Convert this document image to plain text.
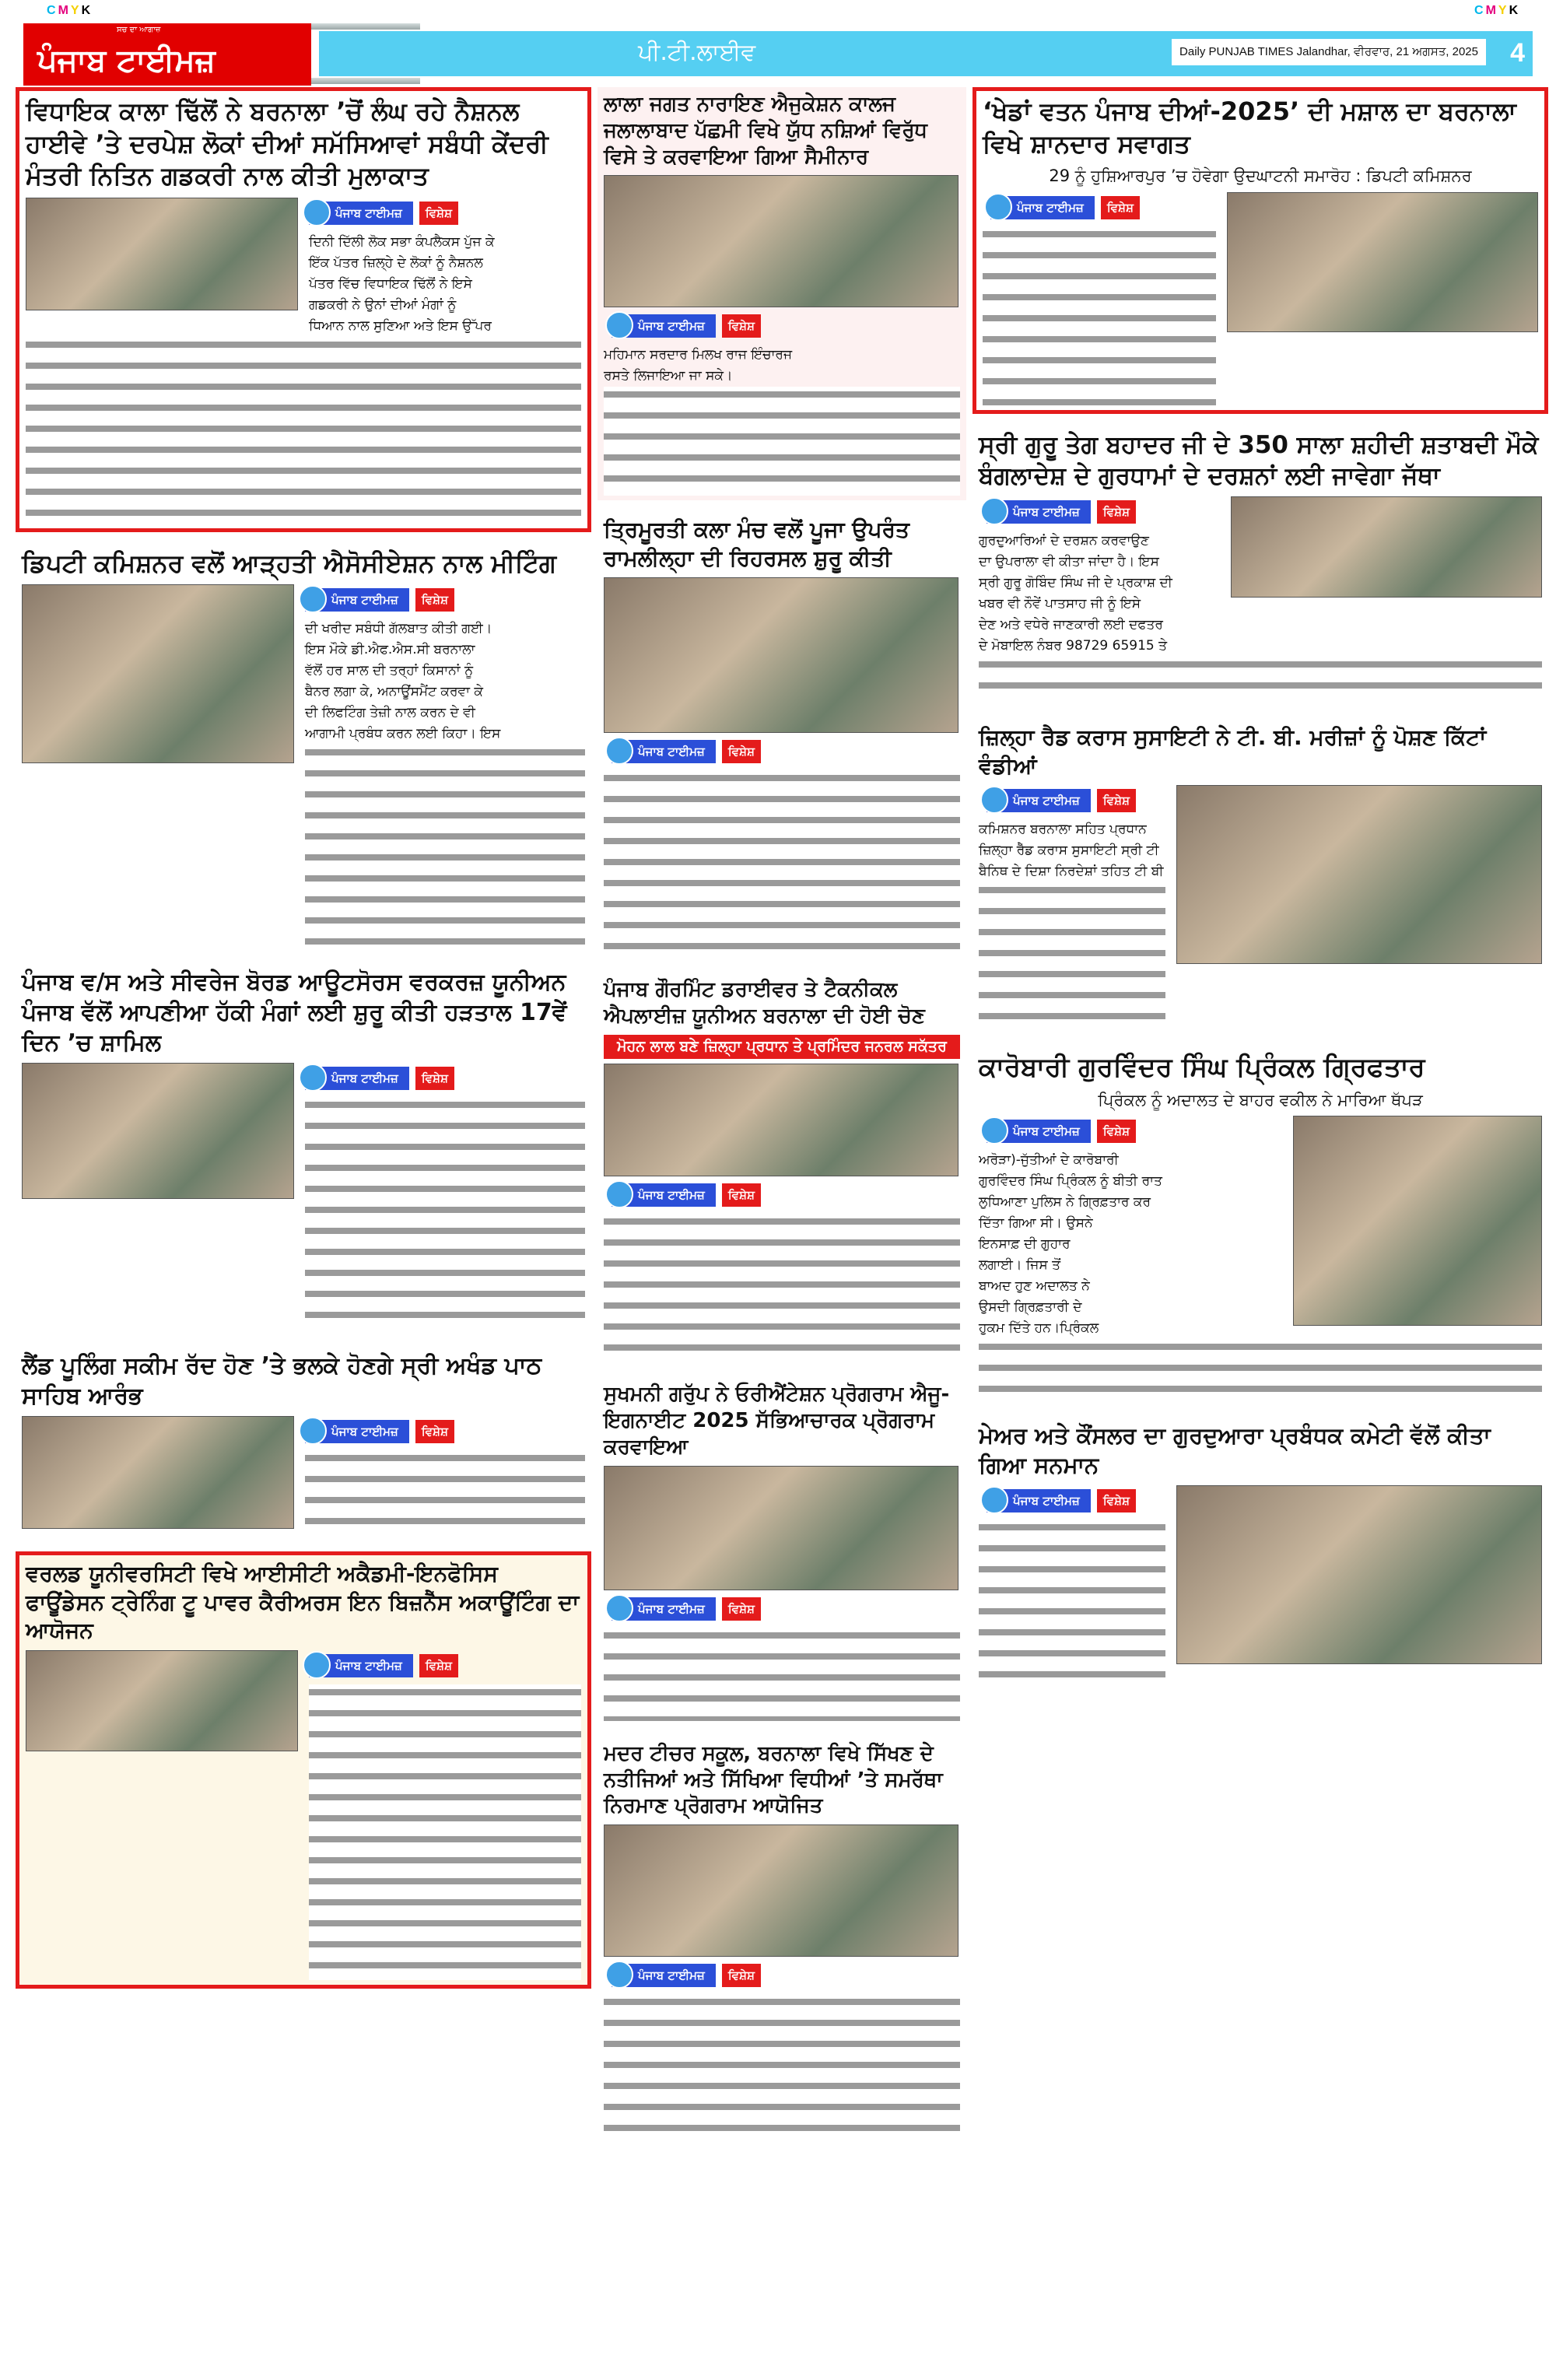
ਸਚ ਦਾ ਆਗਾਜ਼
ਪੰਜਾਬ ਟਾਈਮਜ਼	ਪੀ.ਟੀ.ਲਾਈਵ	Daily PUNJAB TIMES Jalandhar, ਵੀਰਵਾਰ, 21 ਅਗਸਤ, 2025 4
CMYK	CMYK
ਵਿਧਾਇਕ ਕਾਲਾ ਢਿੱਲੋਂ ਨੇ ਬਰਨਾਲਾ ’ਚੋਂ ਲੰਘ ਰਹੇ ਨੈਸ਼ਨਲ ਹਾਈਵੇ ’ਤੇ ਦਰਪੇਸ਼ ਲੋਕਾਂ ਦੀਆਂ ਸਮੱਸਿਆਵਾਂ ਸਬੰਧੀ ਕੇਂਦਰੀ ਮੰਤਰੀ ਨਿਤਿਨ ਗਡਕਰੀ ਨਾਲ ਕੀਤੀ ਮੁਲਾਕਾਤ
ਪੰਜਾਬ ਟਾਈਮਜ਼	ਵਿਸ਼ੇਸ਼
ਦਿਨੀ ਦਿੱਲੀ ਲੋਕ ਸਭਾ ਕੰਪਲੈਕਸ ਪੁੱਜ ਕੇ
ਇੱਕ ਪੱਤਰ ਜ਼ਿਲ੍ਹੇ ਦੇ ਲੋਕਾਂ ਨੂੰ ਨੈਸ਼ਨਲ
ਪੱਤਰ ਵਿੱਚ ਵਿਧਾਇਕ ਢਿੱਲੋਂ ਨੇ ਇਸੇ
ਗਡਕਰੀ ਨੇ ਉਨਾਂ ਦੀਆਂ ਮੰਗਾਂ ਨੂੰ
ਧਿਆਨ ਨਾਲ ਸੁਣਿਆ ਅਤੇ ਇਸ ਉੱਪਰ
ਡਿਪਟੀ ਕਮਿਸ਼ਨਰ ਵਲੋਂ ਆੜ੍ਹਤੀ ਐਸੋਸੀਏਸ਼ਨ ਨਾਲ ਮੀਟਿੰਗ
ਪੰਜਾਬ ਟਾਈਮਜ਼	ਵਿਸ਼ੇਸ਼
ਦੀ ਖਰੀਦ ਸਬੰਧੀ ਗੱਲਬਾਤ ਕੀਤੀ ਗਈ।
ਇਸ ਮੌਕੇ ਡੀ.ਐਫ.ਐਸ.ਸੀ ਬਰਨਾਲਾ
ਵੱਲੋਂ ਹਰ ਸਾਲ ਦੀ ਤਰ੍ਹਾਂ ਕਿਸਾਨਾਂ ਨੂੰ
ਬੈਨਰ ਲਗਾ ਕੇ, ਅਨਾਊਂਸਮੈਂਟ ਕਰਵਾ ਕੇ
ਦੀ ਲਿਫਟਿੰਗ ਤੇਜ਼ੀ ਨਾਲ ਕਰਨ ਦੇ ਵੀ
ਆਗਾਮੀ ਪ੍ਰਬੰਧ ਕਰਨ ਲਈ ਕਿਹਾ। ਇਸ
ਪੰਜਾਬ ਵ/ਸ ਅਤੇ ਸੀਵਰੇਜ ਬੋਰਡ ਆਊਟਸੋਰਸ ਵਰਕਰਜ਼ ਯੂਨੀਅਨ ਪੰਜਾਬ ਵੱਲੋਂ ਆਪਣੀਆ ਹੱਕੀ ਮੰਗਾਂ ਲਈ ਸ਼ੁਰੂ ਕੀਤੀ ਹੜਤਾਲ 17ਵੇਂ ਦਿਨ ’ਚ ਸ਼ਾਮਿਲ
ਪੰਜਾਬ ਟਾਈਮਜ਼	ਵਿਸ਼ੇਸ਼
ਲੈਂਡ ਪੂਲਿੰਗ ਸਕੀਮ ਰੱਦ ਹੋਣ ’ਤੇ ਭਲਕੇ ਹੋਣਗੇ ਸ੍ਰੀ ਅਖੰਡ ਪਾਠ ਸਾਹਿਬ ਆਰੰਭ
ਪੰਜਾਬ ਟਾਈਮਜ਼	ਵਿਸ਼ੇਸ਼
ਵਰਲਡ ਯੂਨੀਵਰਸਿਟੀ ਵਿਖੇ ਆਈਸੀਟੀ ਅਕੈਡਮੀ-ਇਨਫੋਸਿਸ ਫਾਊਂਡੇਸਨ ਟ੍ਰੇਨਿੰਗ ਟੂ ਪਾਵਰ ਕੈਰੀਅਰਸ ਇਨ ਬਿਜ਼ਨੈੱਸ ਅਕਾਊਂਟਿੰਗ ਦਾ ਆਯੋਜਨ
ਪੰਜਾਬ ਟਾਈਮਜ਼	ਵਿਸ਼ੇਸ਼
ਲਾਲਾ ਜਗਤ ਨਾਰਾਇਣ ਐਜੁਕੇਸ਼ਨ ਕਾਲਜ ਜਲਾਲਾਬਾਦ ਪੱਛਮੀ ਵਿਖੇ ਯੁੱਧ ਨਸ਼ਿਆਂ ਵਿਰੁੱਧ ਵਿਸੇ ਤੇ ਕਰਵਾਇਆ ਗਿਆ ਸੈਮੀਨਾਰ
ਪੰਜਾਬ ਟਾਈਮਜ਼	ਵਿਸ਼ੇਸ਼
ਮਹਿਮਾਨ ਸਰਦਾਰ ਮਿਲਖ ਰਾਜ ਇੰਚਾਰਜ
ਰਸਤੇ ਲਿਜਾਇਆ ਜਾ ਸਕੇ।
ਤ੍ਰਿਮੂਰਤੀ ਕਲਾ ਮੰਚ ਵਲੋਂ ਪੂਜਾ ਉਪਰੰਤ ਰਾਮਲੀਲ੍ਹਾ ਦੀ ਰਿਹਰਸਲ ਸ਼ੁਰੂ ਕੀਤੀ
ਪੰਜਾਬ ਟਾਈਮਜ਼	ਵਿਸ਼ੇਸ਼
ਪੰਜਾਬ ਗੌਰਮਿੰਟ ਡਰਾਈਵਰ ਤੇ ਟੈਕਨੀਕਲ ਐਪਲਾਈਜ਼ ਯੂਨੀਅਨ ਬਰਨਾਲਾ ਦੀ ਹੋਈ ਚੋਣ
ਮੋਹਨ ਲਾਲ ਬਣੇ ਜ਼ਿਲ੍ਹਾ ਪ੍ਰਧਾਨ ਤੇ ਪ੍ਰਮਿੰਦਰ ਜਨਰਲ ਸਕੱਤਰ
ਪੰਜਾਬ ਟਾਈਮਜ਼	ਵਿਸ਼ੇਸ਼
ਸੁਖਮਨੀ ਗਰੁੱਪ ਨੇ ਓਰੀਐਂਟੇਸ਼ਨ ਪ੍ਰੋਗਰਾਮ ਐਜੂ-ਇਗਨਾਈਟ 2025 ਸੱਭਿਆਚਾਰਕ ਪ੍ਰੋਗਰਾਮ ਕਰਵਾਇਆ
ਪੰਜਾਬ ਟਾਈਮਜ਼	ਵਿਸ਼ੇਸ਼
ਮਦਰ ਟੀਚਰ ਸਕੂਲ, ਬਰਨਾਲਾ ਵਿਖੇ ਸਿੱਖਣ ਦੇ ਨਤੀਜਿਆਂ ਅਤੇ ਸਿੱਖਿਆ ਵਿਧੀਆਂ ’ਤੇ ਸਮਰੱਥਾ ਨਿਰਮਾਣ ਪ੍ਰੋਗਰਾਮ ਆਯੋਜਿਤ
ਪੰਜਾਬ ਟਾਈਮਜ਼	ਵਿਸ਼ੇਸ਼
‘ਖੇਡਾਂ ਵਤਨ ਪੰਜਾਬ ਦੀਆਂ-2025’ ਦੀ ਮਸ਼ਾਲ ਦਾ ਬਰਨਾਲਾ ਵਿਖੇ ਸ਼ਾਨਦਾਰ ਸਵਾਗਤ
29 ਨੂੰ ਹੁਸ਼ਿਆਰਪੁਰ ’ਚ ਹੋਵੇਗਾ ਉਦਘਾਟਨੀ ਸਮਾਰੋਹ : ਡਿਪਟੀ ਕਮਿਸ਼ਨਰ
ਪੰਜਾਬ ਟਾਈਮਜ਼	ਵਿਸ਼ੇਸ਼
ਸ੍ਰੀ ਗੁਰੂ ਤੇਗ ਬਹਾਦਰ ਜੀ ਦੇ 350 ਸਾਲਾ ਸ਼ਹੀਦੀ ਸ਼ਤਾਬਦੀ ਮੌਕੇ ਬੰਗਲਾਦੇਸ਼ ਦੇ ਗੁਰਧਾਮਾਂ ਦੇ ਦਰਸ਼ਨਾਂ ਲਈ ਜਾਵੇਗਾ ਜੱਥਾ
ਪੰਜਾਬ ਟਾਈਮਜ਼	ਵਿਸ਼ੇਸ਼
ਗੁਰਦੁਆਰਿਆਂ ਦੇ ਦਰਸ਼ਨ ਕਰਵਾਉਣ
ਦਾ ਉਪਰਾਲਾ ਵੀ ਕੀਤਾ ਜਾਂਦਾ ਹੈ। ਇਸ
ਸ੍ਰੀ ਗੁਰੂ ਗੋਬਿੰਦ ਸਿੰਘ ਜੀ ਦੇ ਪ੍ਰਕਾਸ਼ ਦੀ
ਖਬਰ ਵੀ ਨੌਵੇਂ ਪਾਤਸਾਹ ਜੀ ਨੂੰ ਇਸੇ
ਦੇਣ ਅਤੇ ਵਧੇਰੇ ਜਾਣਕਾਰੀ ਲਈ ਦਫਤਰ
ਦੇ ਮੋਬਾਇਲ ਨੰਬਰ 98729 65915 ਤੇ
ਜ਼ਿਲ੍ਹਾ ਰੈਡ ਕਰਾਸ ਸੁਸਾਇਟੀ ਨੇ ਟੀ. ਬੀ. ਮਰੀਜ਼ਾਂ ਨੂੰ ਪੋਸ਼ਣ ਕਿੱਟਾਂ ਵੰਡੀਆਂ
ਪੰਜਾਬ ਟਾਈਮਜ਼	ਵਿਸ਼ੇਸ਼
ਕਮਿਸ਼ਨਰ ਬਰਨਾਲਾ ਸਹਿਤ ਪ੍ਰਧਾਨ
ਜ਼ਿਲ੍ਹਾ ਰੈੱਡ ਕਰਾਸ ਸੁਸਾਇਟੀ ਸ੍ਰੀ ਟੀ
ਬੈਨਿਥ ਦੇ ਦਿਸ਼ਾ ਨਿਰਦੇਸ਼ਾਂ ਤਹਿਤ ਟੀ ਬੀ
ਕਾਰੋਬਾਰੀ ਗੁਰਵਿੰਦਰ ਸਿੰਘ ਪ੍ਰਿੰਕਲ ਗ੍ਰਿਫਤਾਰ
ਪ੍ਰਿੰਕਲ ਨੂੰ ਅਦਾਲਤ ਦੇ ਬਾਹਰ ਵਕੀਲ ਨੇ ਮਾਰਿਆ ਥੱਪੜ
ਪੰਜਾਬ ਟਾਈਮਜ਼	ਵਿਸ਼ੇਸ਼
ਅਰੋੜਾ)-ਜੁੱਤੀਆਂ ਦੇ ਕਾਰੋਬਾਰੀ
ਗੁਰਵਿੰਦਰ ਸਿੰਘ ਪ੍ਰਿੰਕਲ ਨੂੰ ਬੀਤੀ ਰਾਤ
ਲੁਧਿਆਣਾ ਪੁਲਿਸ ਨੇ ਗ੍ਰਿਫ਼ਤਾਰ ਕਰ
ਦਿੱਤਾ ਗਿਆ ਸੀ। ਉਸਨੇ
ਇਨਸਾਫ਼ ਦੀ ਗੁਹਾਰ
ਲਗਾਈ। ਜਿਸ ਤੋਂ
ਬਾਅਦ ਹੁਣ ਅਦਾਲਤ ਨੇ
ਉਸਦੀ ਗ੍ਰਿਫ਼ਤਾਰੀ ਦੇ
ਹੁਕਮ ਦਿੱਤੇ ਹਨ।ਪ੍ਰਿੰਕਲ
ਮੇਅਰ ਅਤੇ ਕੌਂਸਲਰ ਦਾ ਗੁਰਦੁਆਰਾ ਪ੍ਰਬੰਧਕ ਕਮੇਟੀ ਵੱਲੋਂ ਕੀਤਾ ਗਿਆ ਸਨਮਾਨ
ਪੰਜਾਬ ਟਾਈਮਜ਼	ਵਿਸ਼ੇਸ਼
